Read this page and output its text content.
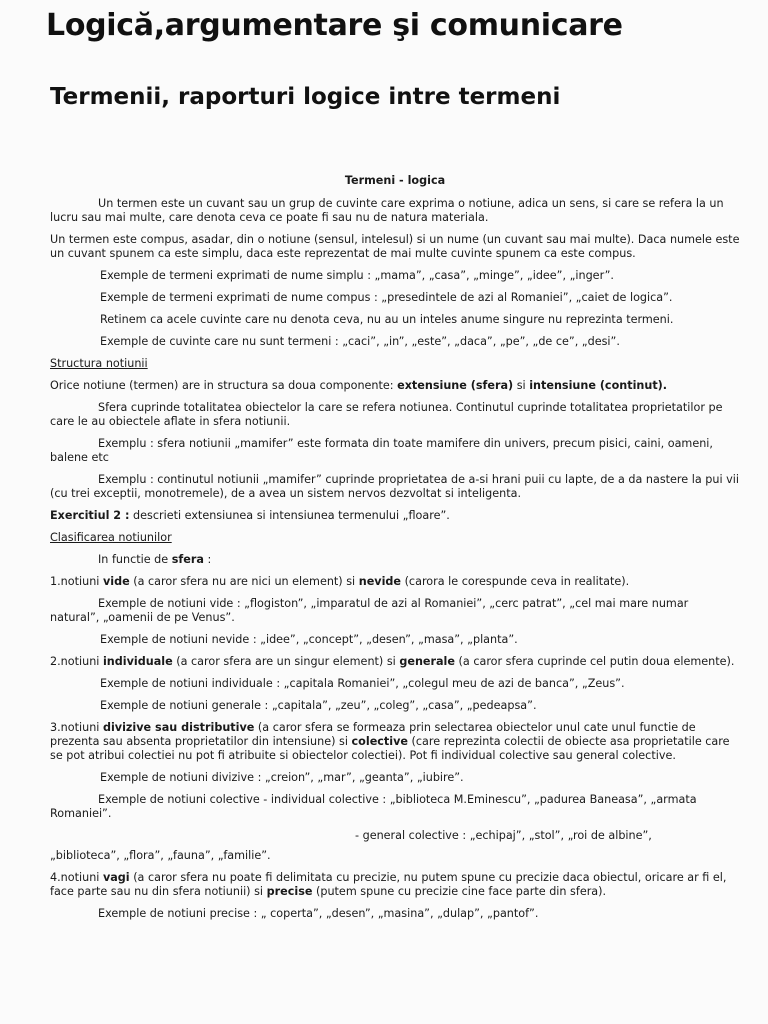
Logică,argumentare şi comunicare
Termenii, raporturi logice intre termeni

Termeni - logica

Un termen este un cuvant sau un grup de cuvinte care exprima o notiune, adica un sens, si care se refera la un lucru sau mai multe, care denota ceva ce poate fi sau nu de natura materiala.

Un termen este compus, asadar, din o notiune (sensul, intelesul) si un nume (un cuvant sau mai multe). Daca numele este un cuvant spunem ca este simplu, daca este reprezentat de mai multe cuvinte spunem ca este compus.

Exemple de termeni exprimati de nume simplu : „mama”, „casa”, „minge”, „idee”, „inger”.

Exemple de termeni exprimati de nume compus : „presedintele de azi al Romaniei”, „caiet de logica”.

Retinem ca acele cuvinte care nu denota ceva, nu au un inteles anume singure nu reprezinta termeni.

Exemple de cuvinte care nu sunt termeni : „caci”, „in”, „este”, „daca”, „pe”, „de ce”, „desi”.

Structura notiunii

Orice notiune (termen) are in structura sa doua componente: extensiune (sfera) si intensiune (continut).

Sfera cuprinde totalitatea obiectelor la care se refera notiunea. Continutul cuprinde totalitatea proprietatilor pe care le au obiectele aflate in sfera notiunii.

Exemplu : sfera notiunii „mamifer” este formata din toate mamifere din univers, precum pisici, caini, oameni, balene etc

Exemplu : continutul notiunii „mamifer” cuprinde proprietatea de a-si hrani puii cu lapte, de a da nastere la pui vii (cu trei exceptii, monotremele), de a avea un sistem nervos dezvoltat si inteligenta.

Exercitiul 2 : descrieti extensiunea si intensiunea termenului „floare”.

Clasificarea notiunilor

In functie de sfera :

1.notiuni vide (a caror sfera nu are nici un element) si nevide (carora le corespunde ceva in realitate).

Exemple de notiuni vide : „flogiston”, „imparatul de azi al Romaniei”, „cerc patrat”, „cel mai mare numar natural”, „oamenii de pe Venus”.

Exemple de notiuni nevide : „idee”, „concept”, „desen”, „masa”, „planta”.

2.notiuni individuale (a caror sfera are un singur element) si generale (a caror sfera cuprinde cel putin doua elemente).

Exemple de notiuni individuale : „capitala Romaniei”, „colegul meu de azi de banca”, „Zeus”.

Exemple de notiuni generale : „capitala”, „zeu”, „coleg”, „casa”, „pedeapsa”.

3.notiuni divizive sau distributive (a caror sfera se formeaza prin selectarea obiectelor unul cate unul functie de prezenta sau absenta proprietatilor din intensiune) si colective (care reprezinta colectii de obiecte asa proprietatile care se pot atribui colectiei nu pot fi atribuite si obiectelor colectiei). Pot fi individual colective sau general colective.

Exemple de notiuni divizive : „creion”, „mar”, „geanta”, „iubire”.

Exemple de notiuni colective - individual colective : „biblioteca M.Eminescu”, „padurea Baneasa”, „armata Romaniei”.

- general colective : „echipaj”, „stol”, „roi de albine”,

„biblioteca”, „flora”, „fauna”, „familie”.

4.notiuni vagi (a caror sfera nu poate fi delimitata cu precizie, nu putem spune cu precizie daca obiectul, oricare ar fi el, face parte sau nu din sfera notiunii) si precise (putem spune cu precizie cine face parte din sfera).

Exemple de notiuni precise : „ coperta”, „desen”, „masina”, „dulap”, „pantof”.
